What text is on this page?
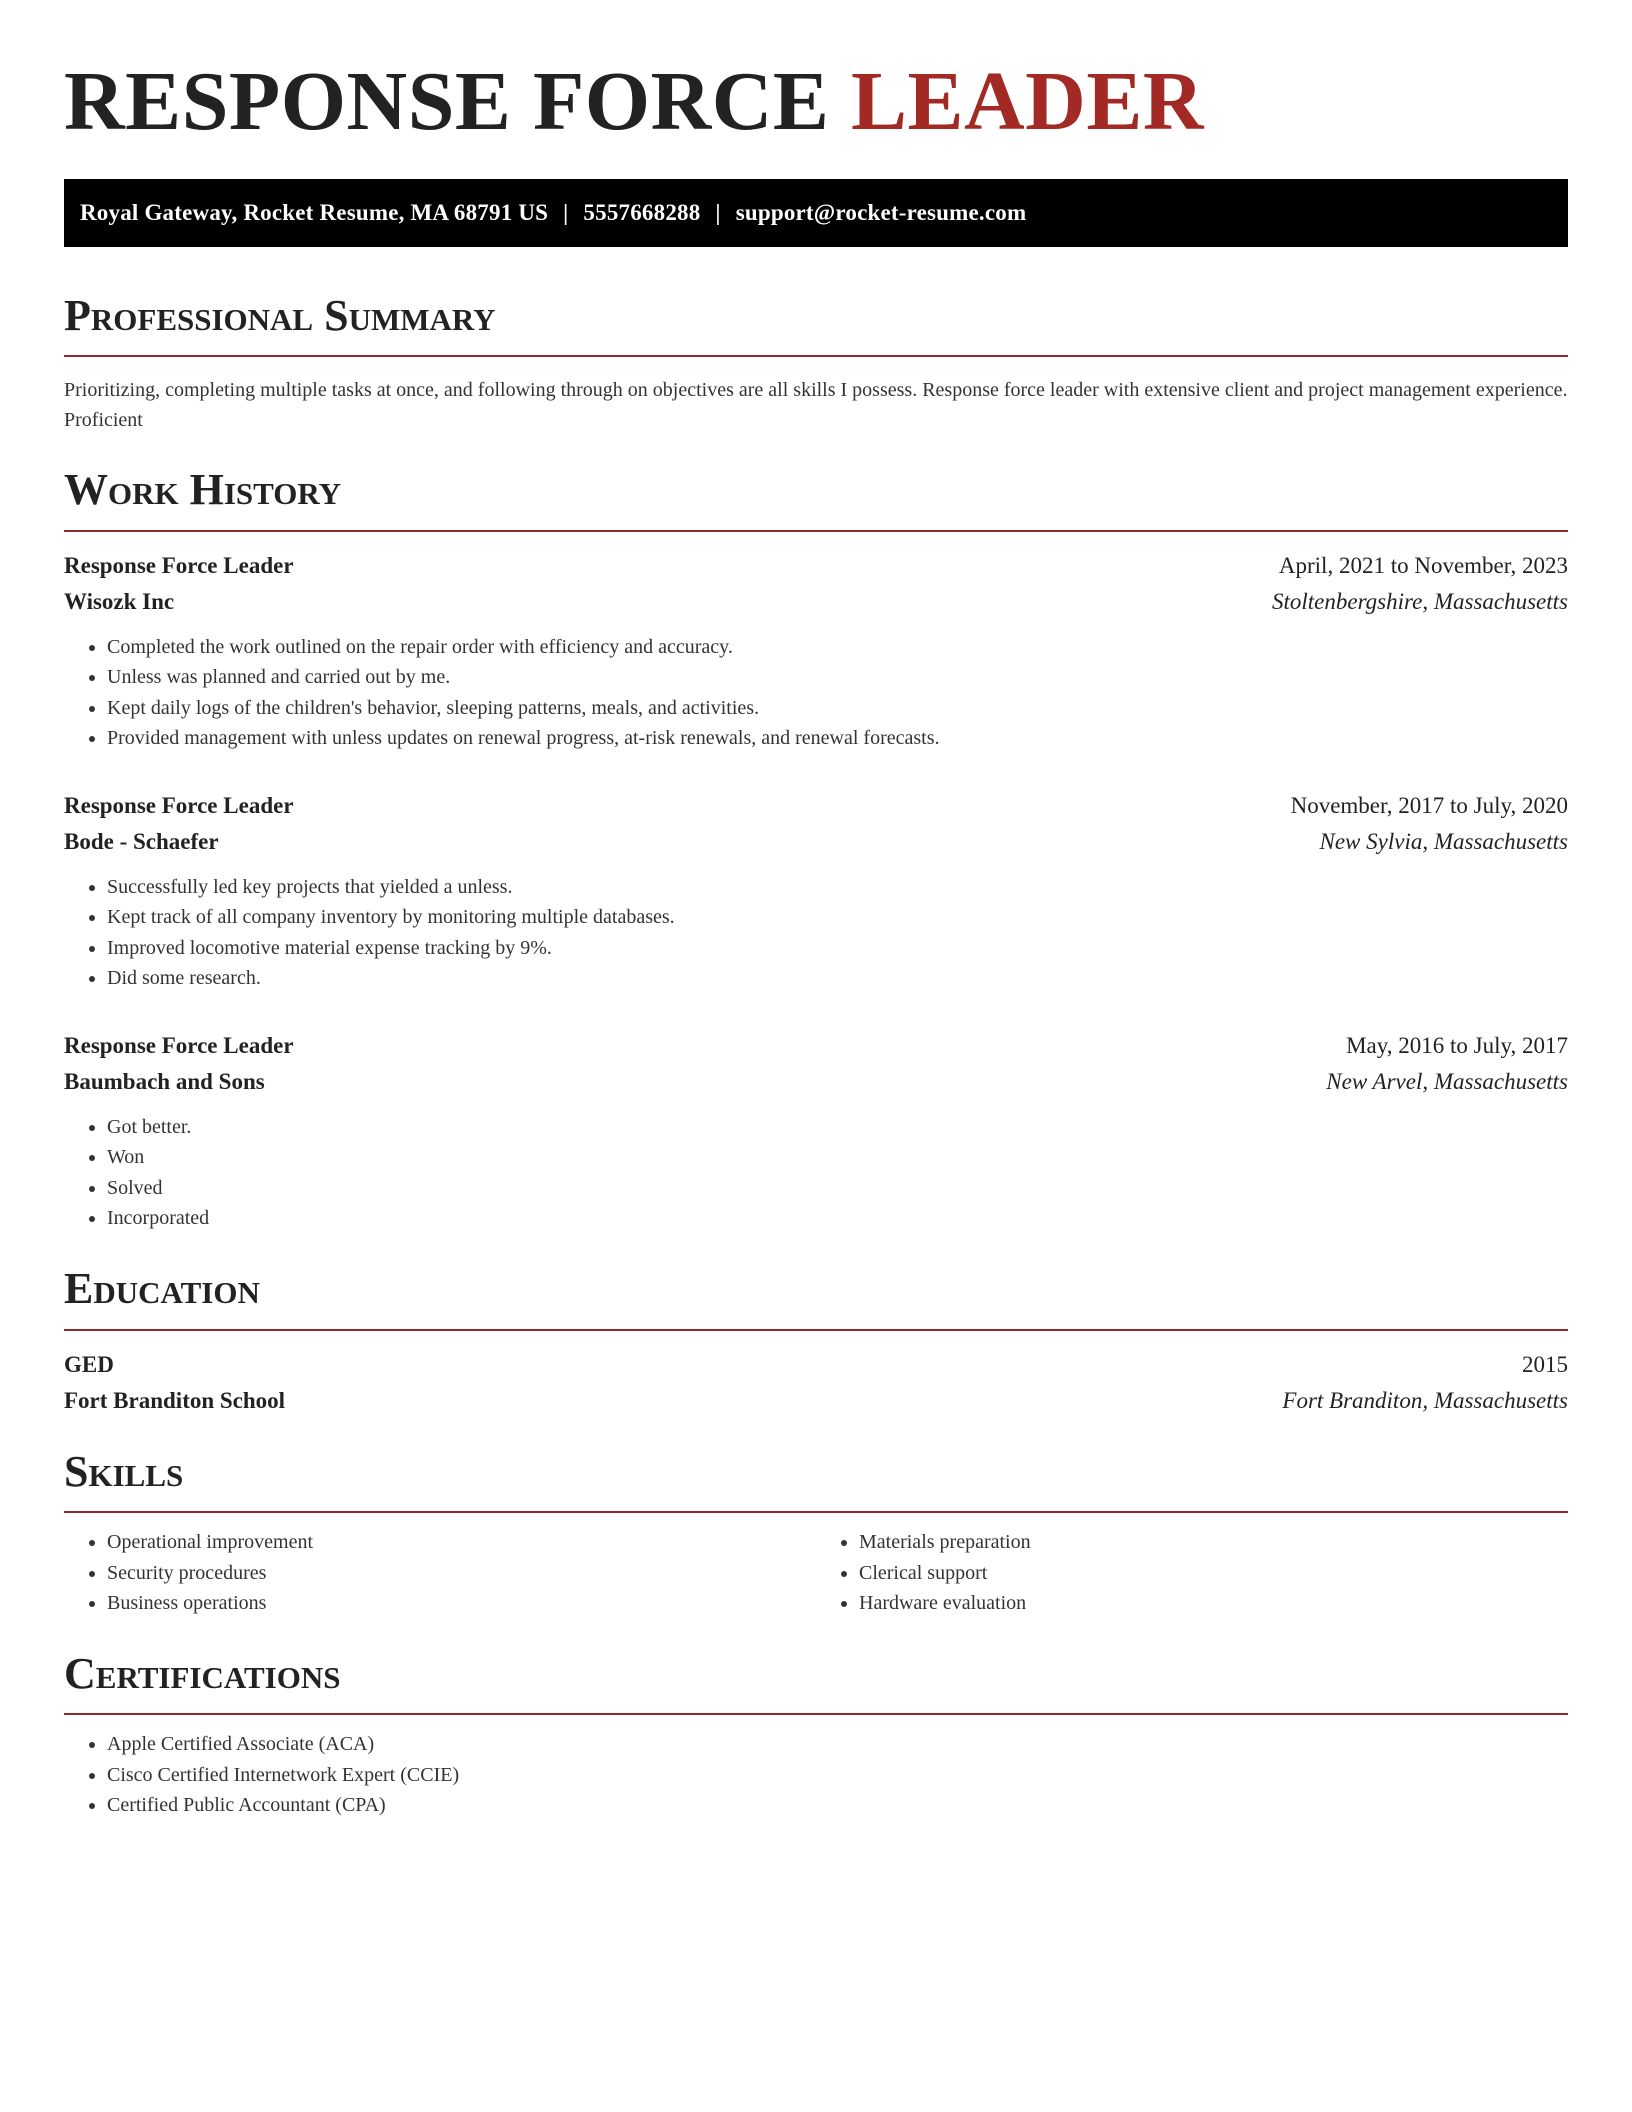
RESPONSE FORCE LEADER
Royal Gateway, Rocket Resume, MA 68791 US | 5557668288 | support@rocket-resume.com
Professional Summary

Prioritizing, completing multiple tasks at once, and following through on objectives are all skills I possess. Response force leader with extensive client and project management experience. Proficient

Work History
Response Force Leader	April, 2021 to November, 2023
Wisozk Inc	Stoltenbergshire, Massachusetts
• Completed the work outlined on the repair order with efficiency and accuracy.
• Unless was planned and carried out by me.
• Kept daily logs of the children's behavior, sleeping patterns, meals, and activities.
• Provided management with unless updates on renewal progress, at-risk renewals, and renewal forecasts.
Response Force Leader	November, 2017 to July, 2020
Bode - Schaefer	New Sylvia, Massachusetts
• Successfully led key projects that yielded a unless.
• Kept track of all company inventory by monitoring multiple databases.
• Improved locomotive material expense tracking by 9%.
• Did some research.
Response Force Leader	May, 2016 to July, 2017
Baumbach and Sons	New Arvel, Massachusetts
• Got better.
• Won
• Solved
• Incorporated
Education
GED	2015
Fort Branditon School	Fort Branditon, Massachusetts
Skills
• Operational improvement
• Security procedures
• Business operations
• Materials preparation
• Clerical support
• Hardware evaluation
Certifications
• Apple Certified Associate (ACA)
• Cisco Certified Internetwork Expert (CCIE)
• Certified Public Accountant (CPA)
